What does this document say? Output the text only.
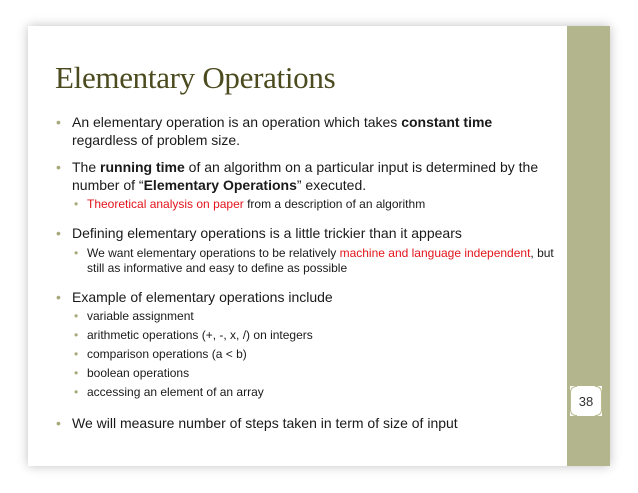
38
Elementary Operations
• An elementary operation is an operation which takes constant time
regardless of problem size.
• The running time of an algorithm on a particular input is determined by the number of “Elementary Operations” executed.
• Theoretical analysis on paper from a description of an algorithm
• Defining elementary operations is a little trickier than it appears
• We want elementary operations to be relatively machine and language independent, but still as informative and easy to define as possible
• Example of elementary operations include
• variable assignment
• arithmetic operations (+, -, x, /) on integers
• comparison operations (a < b)
• boolean operations
• accessing an element of an array
• We will measure number of steps taken in term of size of input
